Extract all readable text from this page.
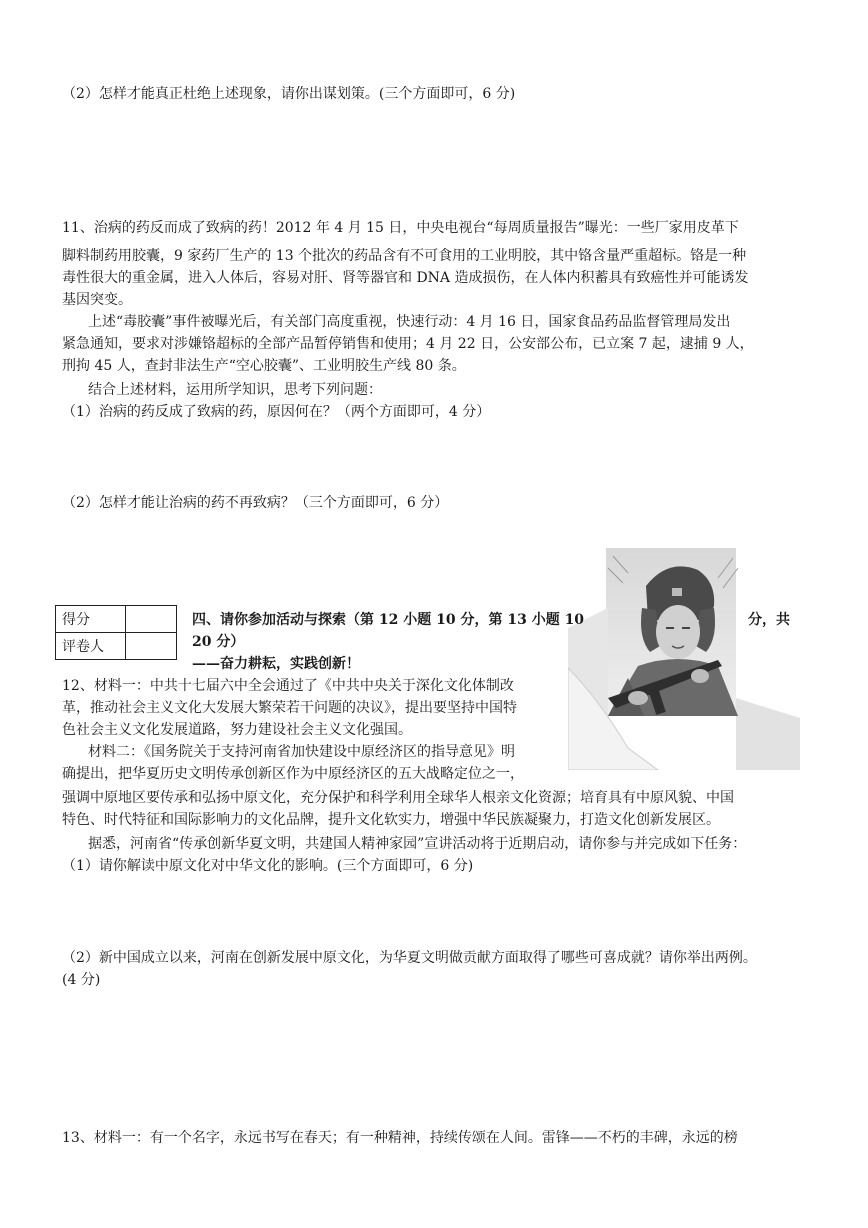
（2）怎样才能真正杜绝上述现象，请你出谋划策。(三个方面即可，6 分)
11、治病的药反而成了致病的药！2012 年 4 月 15 日，中央电视台“每周质量报告”曝光：一些厂家用皮革下
脚料制药用胶囊，9 家药厂生产的 13 个批次的药品含有不可食用的工业明胶，其中铬含量严重超标。铬是一种
毒性很大的重金属，进入人体后，容易对肝、肾等器官和 DNA 造成损伤，在人体内积蓄具有致癌性并可能诱发
基因突变。
上述“毒胶囊”事件被曝光后，有关部门高度重视，快速行动：4 月 16 日，国家食品药品监督管理局发出
紧急通知，要求对涉嫌铬超标的全部产品暂停销售和使用；4 月 22 日，公安部公布，已立案 7 起，逮捕 9 人，
刑拘 45 人，查封非法生产“空心胶囊”、工业明胶生产线 80 条。
结合上述材料，运用所学知识，思考下列问题：
（1）治病的药反成了致病的药，原因何在？（两个方面即可，4 分）
（2）怎样才能让治病的药不再致病？（三个方面即可，6 分）
得分	
评卷人	
四、请你参加活动与探索（第 12 小题 10 分，第 13 小题 10	分，共
20 分）
——奋力耕耘，实践创新！
12、材料一：中共十七届六中全会通过了《中共中央关于深化文化体制改
革，推动社会主义文化大发展大繁荣若干问题的决议》，提出要坚持中国特
色社会主义文化发展道路，努力建设社会主义文化强国。
材料二：《国务院关于支持河南省加快建设中原经济区的指导意见》明
确提出，把华夏历史文明传承创新区作为中原经济区的五大战略定位之一，
强调中原地区要传承和弘扬中原文化，充分保护和科学利用全球华人根亲文化资源；培育具有中原风貌、中国
特色、时代特征和国际影响力的文化品牌，提升文化软实力，增强中华民族凝聚力，打造文化创新发展区。
据悉，河南省“传承创新华夏文明，共建国人精神家园”宣讲活动将于近期启动，请你参与并完成如下任务：
（1）请你解读中原文化对中华文化的影响。(三个方面即可，6 分)
（2）新中国成立以来，河南在创新发展中原文化，为华夏文明做贡献方面取得了哪些可喜成就？请你举出两例。
(4 分)
13、材料一：有一个名字，永远书写在春天；有一种精神，持续传颂在人间。雷锋——不朽的丰碑，永远的榜
